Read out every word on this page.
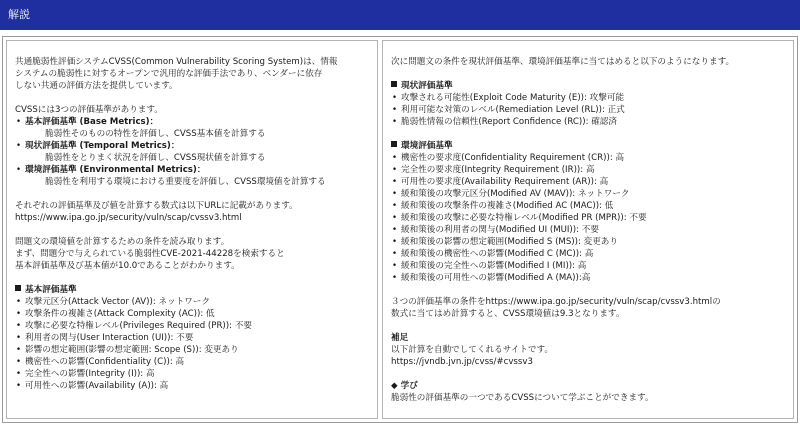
解説
共通脆弱性評価システムCVSS(Common Vulnerability Scoring System)は、情報
システムの脆弱性に対するオープンで汎用的な評価手法であり、ベンダーに依存
しない共通の評価方法を提供しています。
CVSSには3つの評価基準があります。
• 基本評価基準 (Base Metrics)：
脆弱性そのものの特性を評価し、CVSS基本値を計算する
• 現状評価基準 (Temporal Metrics)：
脆弱性をとりまく状況を評価し、CVSS現状値を計算する
• 環境評価基準 (Environmental Metrics)：
脆弱性を利用する環境における重要度を評価し、CVSS環境値を計算する
それぞれの評価基準及び値を計算する数式は以下URLに記載があります。
https://www.ipa.go.jp/security/vuln/scap/cvssv3.html
問題文の環境値を計算するための条件を読み取ります。
まず、問題分で与えられている脆弱性CVE-2021-44228を検索すると
基本評価基準及び基本値が10.0であることがわかります。
基本評価基準
• 攻撃元区分(Attack Vector (AV)): ネットワーク
• 攻撃条件の複雑さ(Attack Complexity (AC)): 低
• 攻撃に必要な特権レベル(Privileges Required (PR)): 不要
• 利用者の関与(User Interaction (UI)): 不要
• 影響の想定範囲(影響の想定範囲: Scope (S)): 変更あり
• 機密性への影響(Confidentiality (C)): 高
• 完全性への影響(Integrity (I)): 高
• 可用性への影響(Availability (A)): 高
次に問題文の条件を現状評価基準、環境評価基準に当てはめると以下のようになります。
現状評価基準
• 攻撃される可能性(Exploit Code Maturity (E)): 攻撃可能
• 利用可能な対策のレベル(Remediation Level (RL)): 正式
• 脆弱性情報の信頼性(Report Confidence (RC)): 確認済
環境評価基準
• 機密性の要求度(Confidentiality Requirement (CR)): 高
• 完全性の要求度(Integrity Requirement (IR)): 高
• 可用性の要求度(Availability Requirement (AR)): 高
• 緩和策後の攻撃元区分(Modified AV (MAV)): ネットワーク
• 緩和策後の攻撃条件の複雑さ(Modified AC (MAC)): 低
• 緩和策後の攻撃に必要な特権レベル(Modified PR (MPR)): 不要
• 緩和策後の利用者の関与(Modified UI (MUI)): 不要
• 緩和策後の影響の想定範囲(Modified S (MS)): 変更あり
• 緩和策後の機密性への影響(Modified C (MC)): 高
• 緩和策後の完全性への影響(Modified I (MI)): 高
• 緩和策後の可用性への影響(Modified A (MA)):高
３つの評価基準の条件をhttps://www.ipa.go.jp/security/vuln/scap/cvssv3.htmlの
数式に当てはめ計算すると、CVSS環境値は9.3となります。
補足
以下計算を自動でしてくれるサイトです。
https://jvndb.jvn.jp/cvss/#cvssv3
◆ 学び
脆弱性の評価基準の一つであるCVSSについて学ぶことができます。
